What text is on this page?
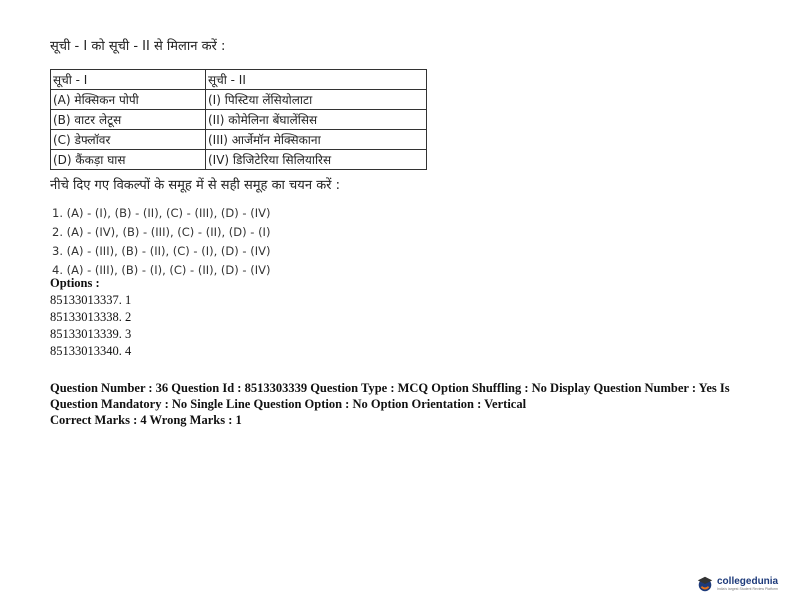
सूची - I को सूची - II से मिलान करें :
सूची - I	सूची - II
(A) मेक्सिकन पोपी	(I) पिस्टिया लेंसियोलाटा
(B) वाटर लेटूस	(II) कोमेलिना बेंघालेंसिस
(C) डेफ्लॉवर	(III) आर्जेमॉन मेक्सिकाना
(D) कैंकड़ा घास	(IV) डिजिटेरिया सिलियारिस
नीचे दिए गए विकल्पों के समूह में से सही समूह का चयन करें :
1. (A) - (I), (B) - (II), (C) - (III), (D) - (IV)
2. (A) - (IV), (B) - (III), (C) - (II), (D) - (I)
3. (A) - (III), (B) - (II), (C) - (I), (D) - (IV)
4. (A) - (III), (B) - (I), (C) - (II), (D) - (IV)
Options :
85133013337. 1
85133013338. 2
85133013339. 3
85133013340. 4
Question Number : 36 Question Id : 8513303339 Question Type : MCQ Option Shuffling : No Display Question Number : Yes Is
Question Mandatory : No Single Line Question Option : No Option Orientation : Vertical
Correct Marks : 4 Wrong Marks : 1
collegedunia
India's largest Student Review Platform
